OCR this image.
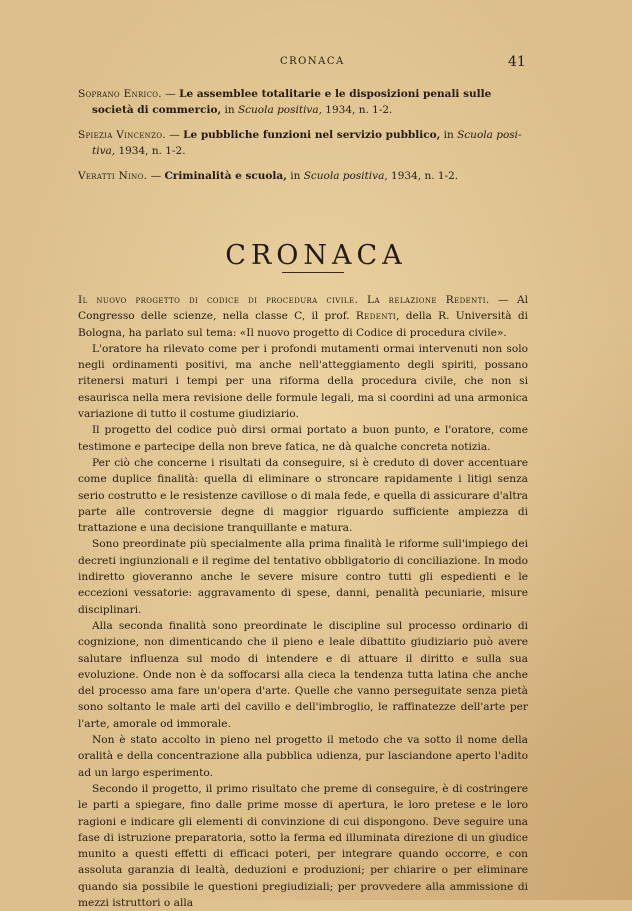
CRONACA	41
Soprano Enrico. — Le assemblee totalitarie e le disposizioni penali sulle
società di commercio, in Scuola positiva, 1934, n. 1-2.
Spiezia Vincenzo. — Le pubbliche funzioni nel servizio pubblico, in Scuola posi-
tiva, 1934, n. 1-2.
Veratti Nino. — Criminalità e scuola, in Scuola positiva, 1934, n. 1-2.
CRONACA

Il nuovo progetto di codice di procedura civile. La relazione Redenti. — Al Congresso delle scienze, nella classe C, il prof. Redenti, della R. Università di Bologna, ha parlato sul tema: «Il nuovo progetto di Codice di procedura civile».

L'oratore ha rilevato come per i profondi mutamenti ormai intervenuti non solo negli ordinamenti positivi, ma anche nell'atteggiamento degli spiriti, possano ritenersi maturi i tempi per una riforma della procedura civile, che non si esaurisca nella mera revisione delle formule legali, ma si coordini ad una armonica variazione di tutto il costume giudiziario.

Il progetto del codice può dirsi ormai portato a buon punto, e l'oratore, come testimone e partecipe della non breve fatica, ne dà qualche concreta notizia.

Per ciò che concerne i risultati da conseguire, si è creduto di dover accentuare come duplice finalità: quella di eliminare o stroncare rapidamente i litigi senza serio costrutto e le resistenze cavillose o di mala fede, e quella di assicurare d'altra parte alle controversie degne di maggior riguardo sufficiente ampiezza di trattazione e una decisione tranquillante e matura.

Sono preordinate più specialmente alla prima finalità le riforme sull'impiego dei decreti ingiunzionali e il regime del tentativo obbligatorio di conciliazione. In modo indiretto gioveranno anche le severe misure contro tutti gli espedienti e le eccezioni vessatorie: aggravamento di spese, danni, penalità pecuniarie, misure disciplinari.

Alla seconda finalità sono preordinate le discipline sul processo ordinario di cognizione, non dimenticando che il pieno e leale dibattito giudiziario può avere salutare influenza sul modo di intendere e di attuare il diritto e sulla sua evoluzione. Onde non è da soffocarsi alla cieca la tendenza tutta latina che anche del processo ama fare un'opera d'arte. Quelle che vanno perseguitate senza pietà sono soltanto le male arti del cavillo e dell'imbroglio, le raffinatezze dell'arte per l'arte, amorale od immorale.

Non è stato accolto in pieno nel progetto il metodo che va sotto il nome della oralità e della concentrazione alla pubblica udienza, pur lasciandone aperto l'adito ad un largo esperimento.

Secondo il progetto, il primo risultato che preme di conseguire, è di costringere le parti a spiegare, fino dalle prime mosse di apertura, le loro pretese e le loro ragioni e indicare gli elementi di convinzione di cui dispongono. Deve seguire una fase di istruzione preparatoria, sotto la ferma ed illuminata direzione di un giudice munito a questi effetti di efficaci poteri, per integrare quando occorre, e con assoluta garanzia di lealtà, deduzioni e produzioni; per chiarire o per eliminare quando sia possibile le questioni pregiudiziali; per provvedere alla ammissione di mezzi istruttori o alla
